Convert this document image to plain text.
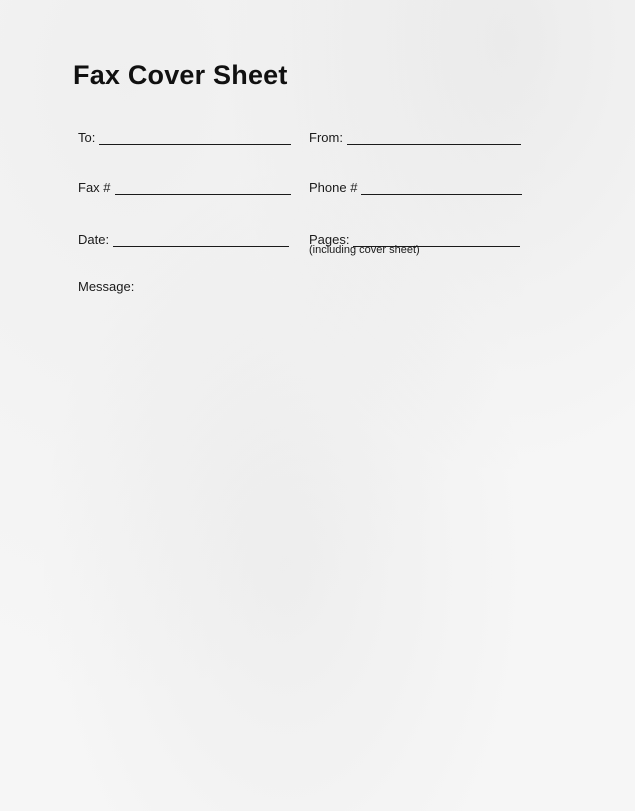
Fax Cover Sheet
To:	From:
Fax #	Phone #
Date:	Pages:
(including cover sheet)
Message:
